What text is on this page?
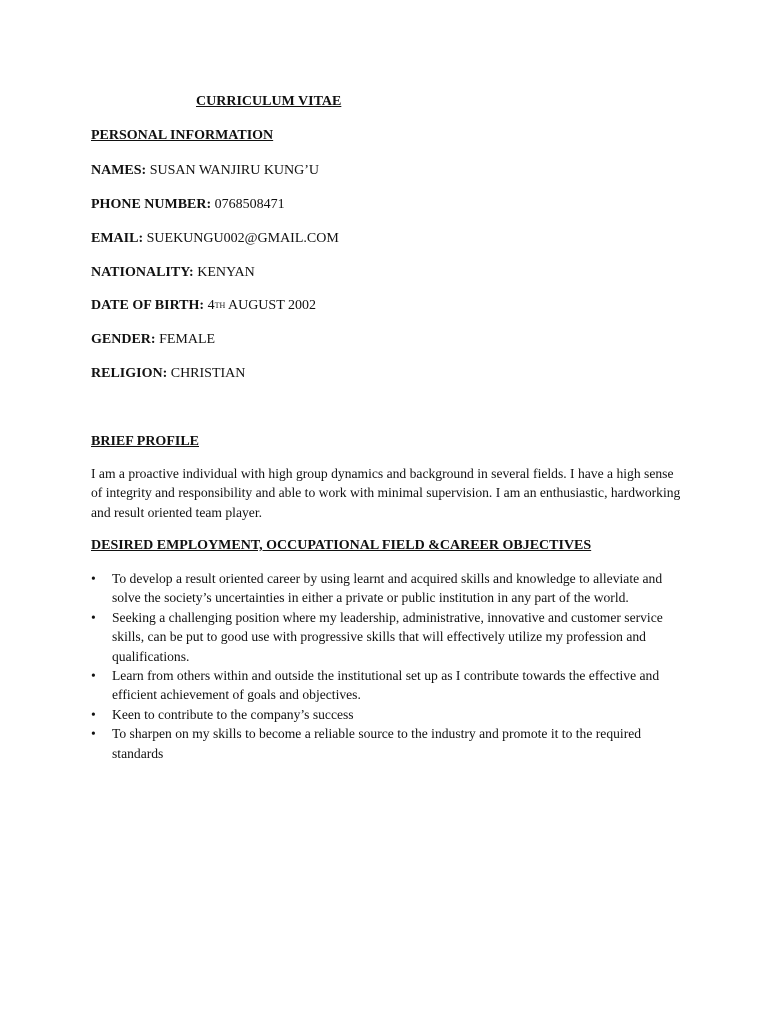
CURRICULUM VITAE
PERSONAL INFORMATION
NAMES: SUSAN WANJIRU KUNG’U
PHONE NUMBER: 0768508471
EMAIL: SUEKUNGU002@GMAIL.COM
NATIONALITY: KENYAN
DATE OF BIRTH: 4TH AUGUST 2002
GENDER: FEMALE
RELIGION: CHRISTIAN
BRIEF PROFILE
I am a proactive individual with high group dynamics and background in several fields. I have a high sense of integrity and responsibility and able to work with minimal supervision. I am an enthusiastic, hardworking and result oriented team player.
DESIRED EMPLOYMENT, OCCUPATIONAL FIELD &CAREER OBJECTIVES
• To develop a result oriented career by using learnt and acquired skills and knowledge to alleviate and solve the society’s uncertainties in either a private or public institution in any part of the world.
• Seeking a challenging position where my leadership, administrative, innovative and customer service skills, can be put to good use with progressive skills that will effectively utilize my profession and qualifications.
• Learn from others within and outside the institutional set up as I contribute towards the effective and efficient achievement of goals and objectives.
• Keen to contribute to the company’s success
• To sharpen on my skills to become a reliable source to the industry and promote it to the required standards
